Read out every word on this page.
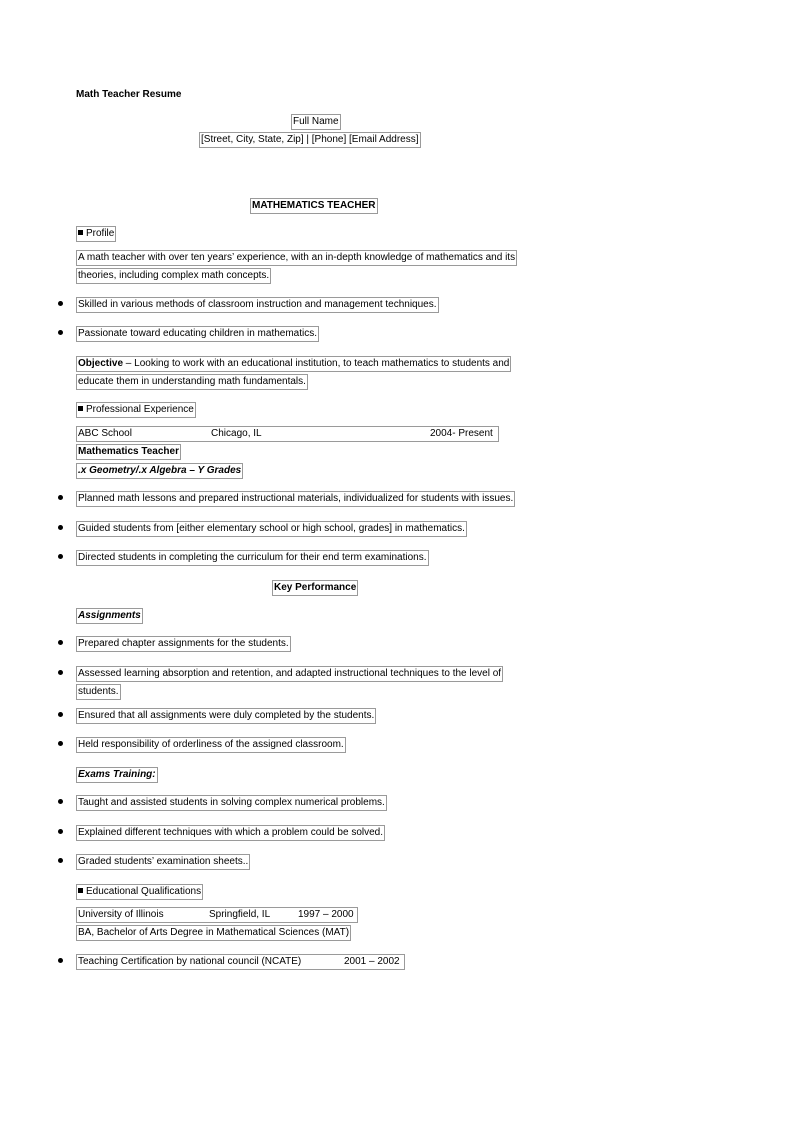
Math Teacher Resume
Full Name
[Street, City, State, Zip] | [Phone] [Email Address]
MATHEMATICS TEACHER
Profile
A math teacher with over ten years’ experience, with an in-depth knowledge of mathematics and its
theories, including complex math concepts.
Skilled in various methods of classroom instruction and management techniques.
Passionate toward educating children in mathematics.
Objective – Looking to work with an educational institution, to teach mathematics to students and
educate them in understanding math fundamentals.
Professional Experience
ABC School	Chicago, IL	2004- Present
Mathematics Teacher
.x Geometry/.x Algebra – Y Grades
Planned math lessons and prepared instructional materials, individualized for students with issues.
Guided students from [either elementary school or high school, grades] in mathematics.
Directed students in completing the curriculum for their end term examinations.
Key Performance
Assignments
Prepared chapter assignments for the students.
Assessed learning absorption and retention, and adapted instructional techniques to the level of
students.
Ensured that all assignments were duly completed by the students.
Held responsibility of orderliness of the assigned classroom.
Exams Training:
Taught and assisted students in solving complex numerical problems.
Explained different techniques with which a problem could be solved.
Graded students’ examination sheets..
Educational Qualifications
University of Illinois	Springfield, IL	1997 – 2000
BA, Bachelor of Arts Degree in Mathematical Sciences (MAT)
Teaching Certification by national council (NCATE)	2001 – 2002
